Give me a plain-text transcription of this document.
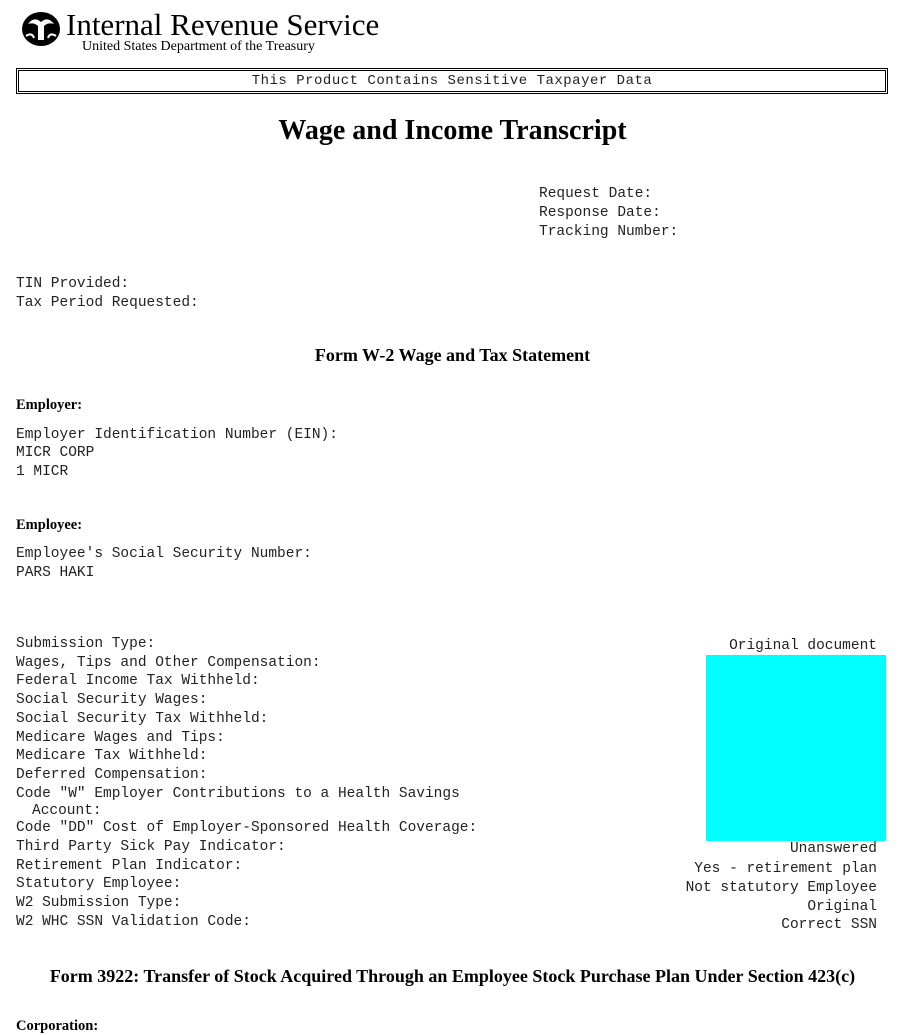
Internal Revenue Service
United States Department of the Treasury
This Product Contains Sensitive Taxpayer Data
Wage and Income Transcript
Request Date:
Response Date:
Tracking Number:
TIN Provided:
Tax Period Requested:
Form W-2 Wage and Tax Statement
Employer:
Employer Identification Number (EIN):
MICR CORP
1 MICR
Employee:
Employee's Social Security Number:
PARS HAKI
Submission Type:
Wages, Tips and Other Compensation:
Federal Income Tax Withheld:
Social Security Wages:
Social Security Tax Withheld:
Medicare Wages and Tips:
Medicare Tax Withheld:
Deferred Compensation:
Code "W" Employer Contributions to a Health Savings
Account:
Code "DD" Cost of Employer-Sponsored Health Coverage:
Third Party Sick Pay Indicator:
Retirement Plan Indicator:
Statutory Employee:
W2 Submission Type:
W2 WHC SSN Validation Code:
Original document
Unanswered
Yes - retirement plan
Not statutory Employee
Original
Correct SSN
Form 3922: Transfer of Stock Acquired Through an Employee Stock Purchase Plan Under Section 423(c)
Corporation:
